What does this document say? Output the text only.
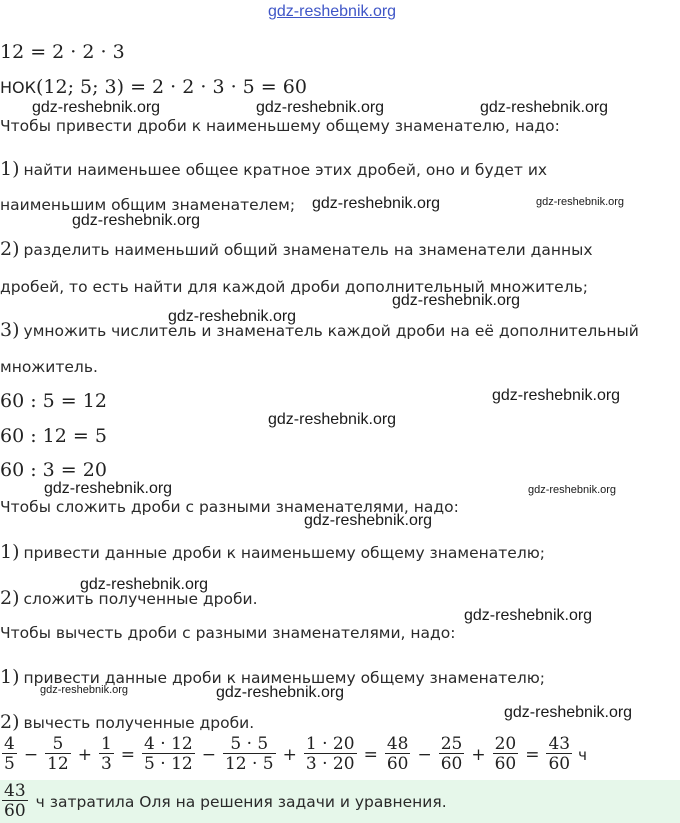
gdz-reshebnik.org
12 = 2 · 2 · 3
НОК(12; 5; 3) = 2 · 2 · 3 · 5 = 60
Чтобы привести дроби к наименьшему общему знаменателю, надо:
1) найти наименьшее общее кратное этих дробей, оно и будет их
наименьшим общим знаменателем;
2) разделить наименьший общий знаменатель на знаменатели данных
дробей, то есть найти для каждой дроби дополнительный множитель;
3) умножить числитель и знаменатель каждой дроби на её дополнительный
множитель.
60 : 5 = 12
60 : 12 = 5
60 : 3 = 20
Чтобы сложить дроби с разными знаменателями, надо:
1) привести данные дроби к наименьшему общему знаменателю;
2) сложить полученные дроби.
Чтобы вычесть дроби с разными знаменателями, надо:
1) привести данные дроби к наименьшему общему знаменателю;
2) вычесть полученные дроби.
$\frac{4}{5} - \frac{5}{12} + \frac{1}{3} = \frac{4 \cdot 12}{5 \cdot 12} - \frac{5 \cdot 5}{12 \cdot 5} + \frac{1 \cdot 20}{3 \cdot 20} = \frac{48}{60} - \frac{25}{60} + \frac{20}{60} = \frac{43}{60}$ ч
$\frac{43}{60}$ ч затратила Оля на решения задачи и уравнения.
gdz-reshebnik.org	gdz-reshebnik.org	gdz-reshebnik.org
gdz-reshebnik.org	gdz-reshebnik.org
gdz-reshebnik.org
gdz-reshebnik.org
gdz-reshebnik.org
gdz-reshebnik.org
gdz-reshebnik.org
gdz-reshebnik.org	gdz-reshebnik.org
gdz-reshebnik.org
gdz-reshebnik.org
gdz-reshebnik.org
gdz-reshebnik.org	gdz-reshebnik.org
gdz-reshebnik.org
